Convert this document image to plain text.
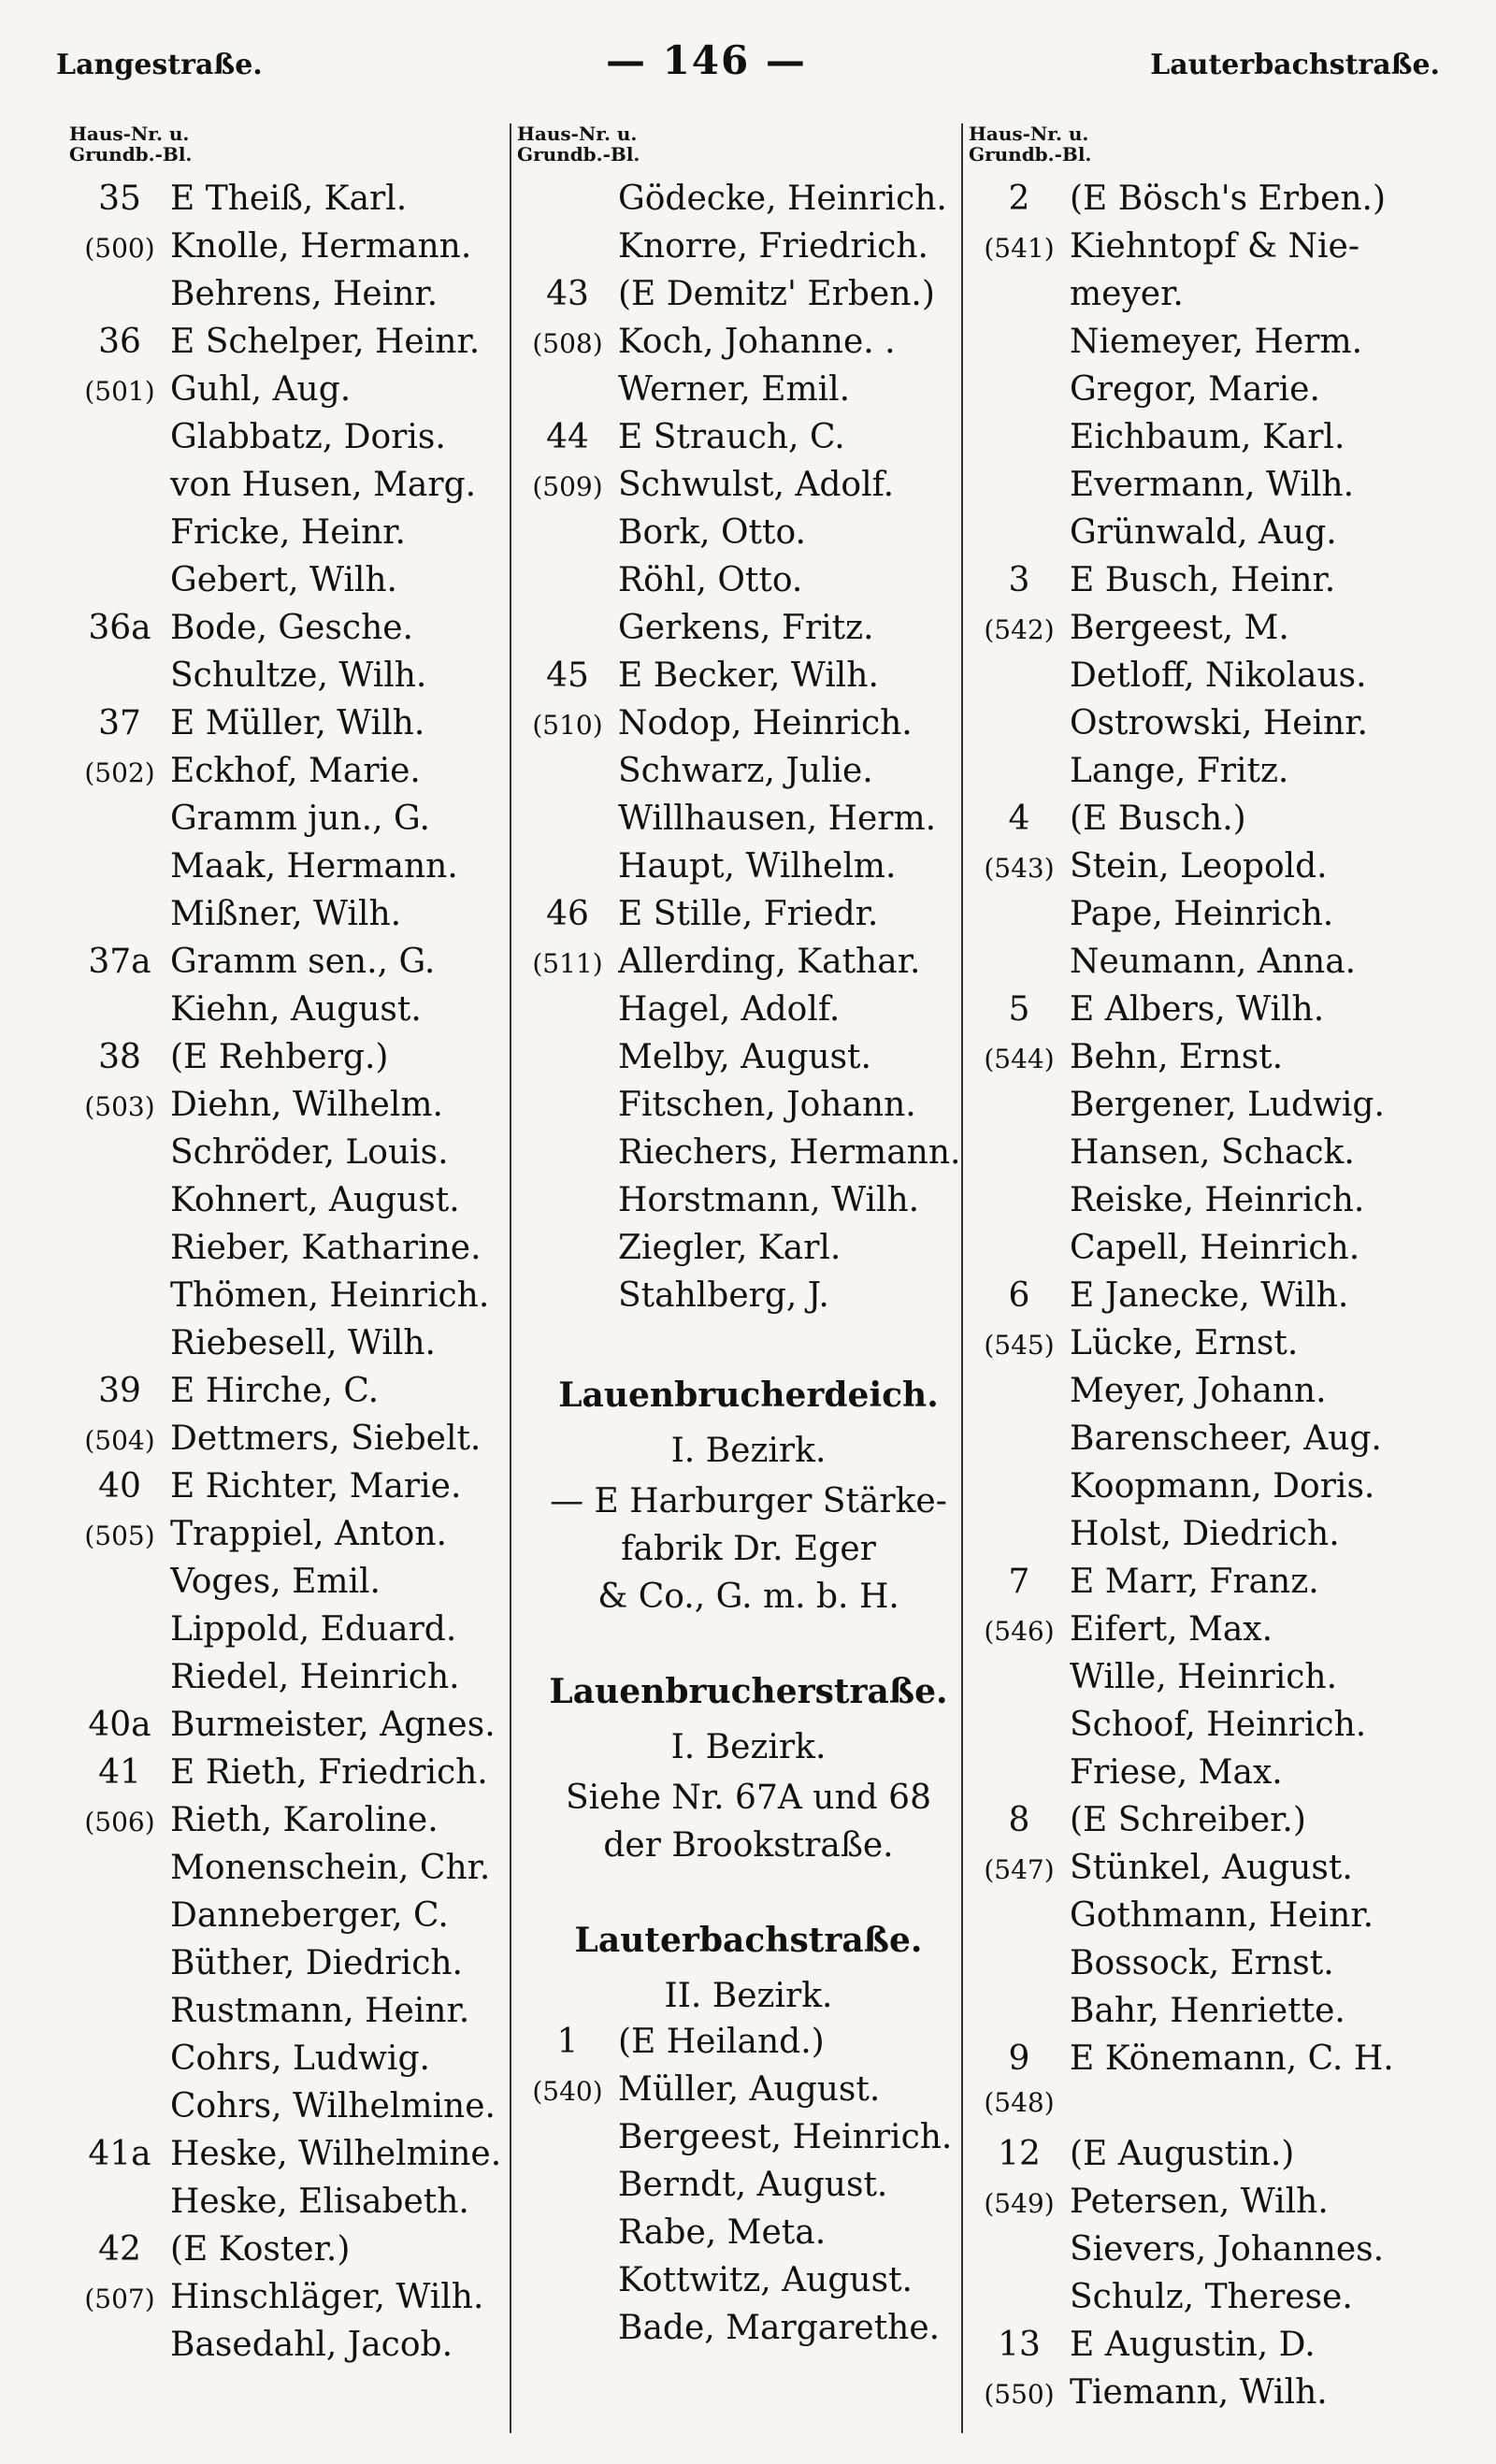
Langestraße.	— 146 —	Lauterbachstraße.
Haus-Nr. u.
Grundb.-Bl.
35 E Theiß, Karl.
(500) Knolle, Hermann.
Behrens, Heinr.
36 E Schelper, Heinr.
(501) Guhl, Aug.
Glabbatz, Doris.
von Husen, Marg.
Fricke, Heinr.
Gebert, Wilh.
36a Bode, Gesche.
Schultze, Wilh.
37 E Müller, Wilh.
(502) Eckhof, Marie.
Gramm jun., G.
Maak, Hermann.
Mißner, Wilh.
37a Gramm sen., G.
Kiehn, August.
38 (E Rehberg.)
(503) Diehn, Wilhelm.
Schröder, Louis.
Kohnert, August.
Rieber, Katharine.
Thömen, Heinrich.
Riebesell, Wilh.
39 E Hirche, C.
(504) Dettmers, Siebelt.
40 E Richter, Marie.
(505) Trappiel, Anton.
Voges, Emil.
Lippold, Eduard.
Riedel, Heinrich.
40a Burmeister, Agnes.
41 E Rieth, Friedrich.
(506) Rieth, Karoline.
Monenschein, Chr.
Danneberger, C.
Büther, Diedrich.
Rustmann, Heinr.
Cohrs, Ludwig.
Cohrs, Wilhelmine.
41a Heske, Wilhelmine.
Heske, Elisabeth.
42 (E Koster.)
(507) Hinschläger, Wilh.
Basedahl, Jacob.
Haus-Nr. u.
Grundb.-Bl.
Gödecke, Heinrich.
Knorre, Friedrich.
43 (E Demitz' Erben.)
(508) Koch, Johanne. .
Werner, Emil.
44 E Strauch, C.
(509) Schwulst, Adolf.
Bork, Otto.
Röhl, Otto.
Gerkens, Fritz.
45 E Becker, Wilh.
(510) Nodop, Heinrich.
Schwarz, Julie.
Willhausen, Herm.
Haupt, Wilhelm.
46 E Stille, Friedr.
(511) Allerding, Kathar.
Hagel, Adolf.
Melby, August.
Fitschen, Johann.
Riechers, Hermann.
Horstmann, Wilh.
Ziegler, Karl.
Stahlberg, J.
Lauenbrucherdeich.
I. Bezirk.
— E Harburger Stärke-
fabrik Dr. Eger
& Co., G. m. b. H.
Lauenbrucherstraße.
I. Bezirk.
Siehe Nr. 67A und 68
der Brookstraße.
Lauterbachstraße.
II. Bezirk.
1	(E Heiland.)
(540) Müller, August.
Bergeest, Heinrich.
Berndt, August.
Rabe, Meta.
Kottwitz, August.
Bade, Margarethe.
Haus-Nr. u.
Grundb.-Bl.
2	(E Bösch's Erben.)
(541) Kiehntopf & Nie-
meyer.
Niemeyer, Herm.
Gregor, Marie.
Eichbaum, Karl.
Evermann, Wilh.
Grünwald, Aug.
3	E Busch, Heinr.
(542) Bergeest, M.
Detloff, Nikolaus.
Ostrowski, Heinr.
Lange, Fritz.
4	(E Busch.)
(543) Stein, Leopold.
Pape, Heinrich.
Neumann, Anna.
5	E Albers, Wilh.
(544) Behn, Ernst.
Bergener, Ludwig.
Hansen, Schack.
Reiske, Heinrich.
Capell, Heinrich.
6	E Janecke, Wilh.
(545) Lücke, Ernst.
Meyer, Johann.
Barenscheer, Aug.
Koopmann, Doris.
Holst, Diedrich.
7	E Marr, Franz.
(546) Eifert, Max.
Wille, Heinrich.
Schoof, Heinrich.
Friese, Max.
8	(E Schreiber.)
(547) Stünkel, August.
Gothmann, Heinr.
Bossock, Ernst.
Bahr, Henriette.
9	E Könemann, C. H.
(548)
12 (E Augustin.)
(549) Petersen, Wilh.
Sievers, Johannes.
Schulz, Therese.
13 E Augustin, D.
(550) Tiemann, Wilh.
